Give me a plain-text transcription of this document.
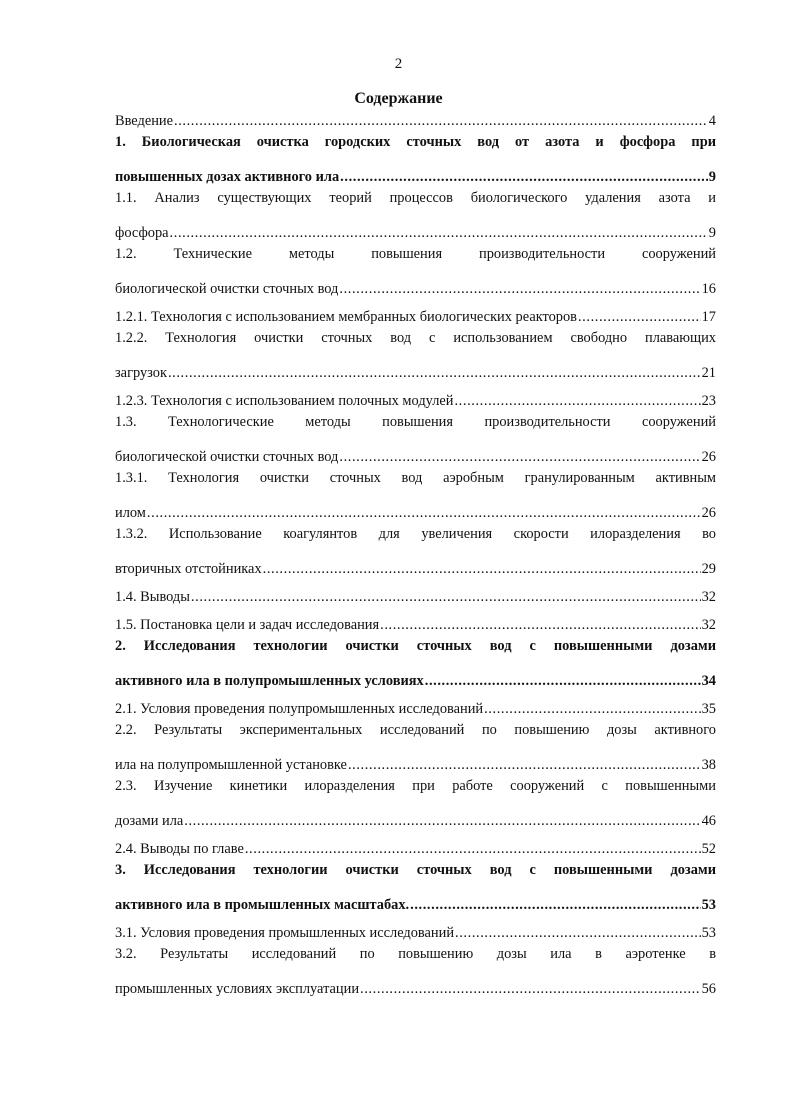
2
Содержание
Введение .....	4
1. Биологическая очистка городских сточных вод от азота и фосфора при
повышенных дозах активного ила .....	9
1.1. Анализ существующих теорий процессов биологического удаления азота и
фосфора .....	9
1.2. Технические методы повышения производительности сооружений
биологической очистки сточных вод .....	16
1.2.1. Технология с использованием мембранных биологических реакторов .....	17
1.2.2. Технология очистки сточных вод с использованием свободно плавающих
загрузок .....	21
1.2.3. Технология с использованием полочных модулей .....	23
1.3. Технологические методы повышения производительности сооружений
биологической очистки сточных вод .....	26
1.3.1. Технология очистки сточных вод аэробным гранулированным активным
илом .....	26
1.3.2. Использование коагулянтов для увеличения скорости илоразделения во
вторичных отстойниках .....	29
1.4. Выводы .....	32
1.5. Постановка цели и задач исследования .....	32
2. Исследования технологии очистки сточных вод с повышенными дозами
активного ила в полупромышленных условиях .....	34
2.1. Условия проведения полупромышленных исследований .....	35
2.2. Результаты экспериментальных исследований по повышению дозы активного
ила на полупромышленной установке .....	38
2.3. Изучение кинетики илоразделения при работе сооружений с повышенными
дозами ила .....	46
2.4. Выводы по главе .....	52
3. Исследования технологии очистки сточных вод с повышенными дозами
активного ила в промышленных масштабах. .....	53
3.1. Условия проведения промышленных исследований .....	53
3.2. Результаты исследований по повышению дозы ила в аэротенке в
промышленных условиях эксплуатации .....	56
